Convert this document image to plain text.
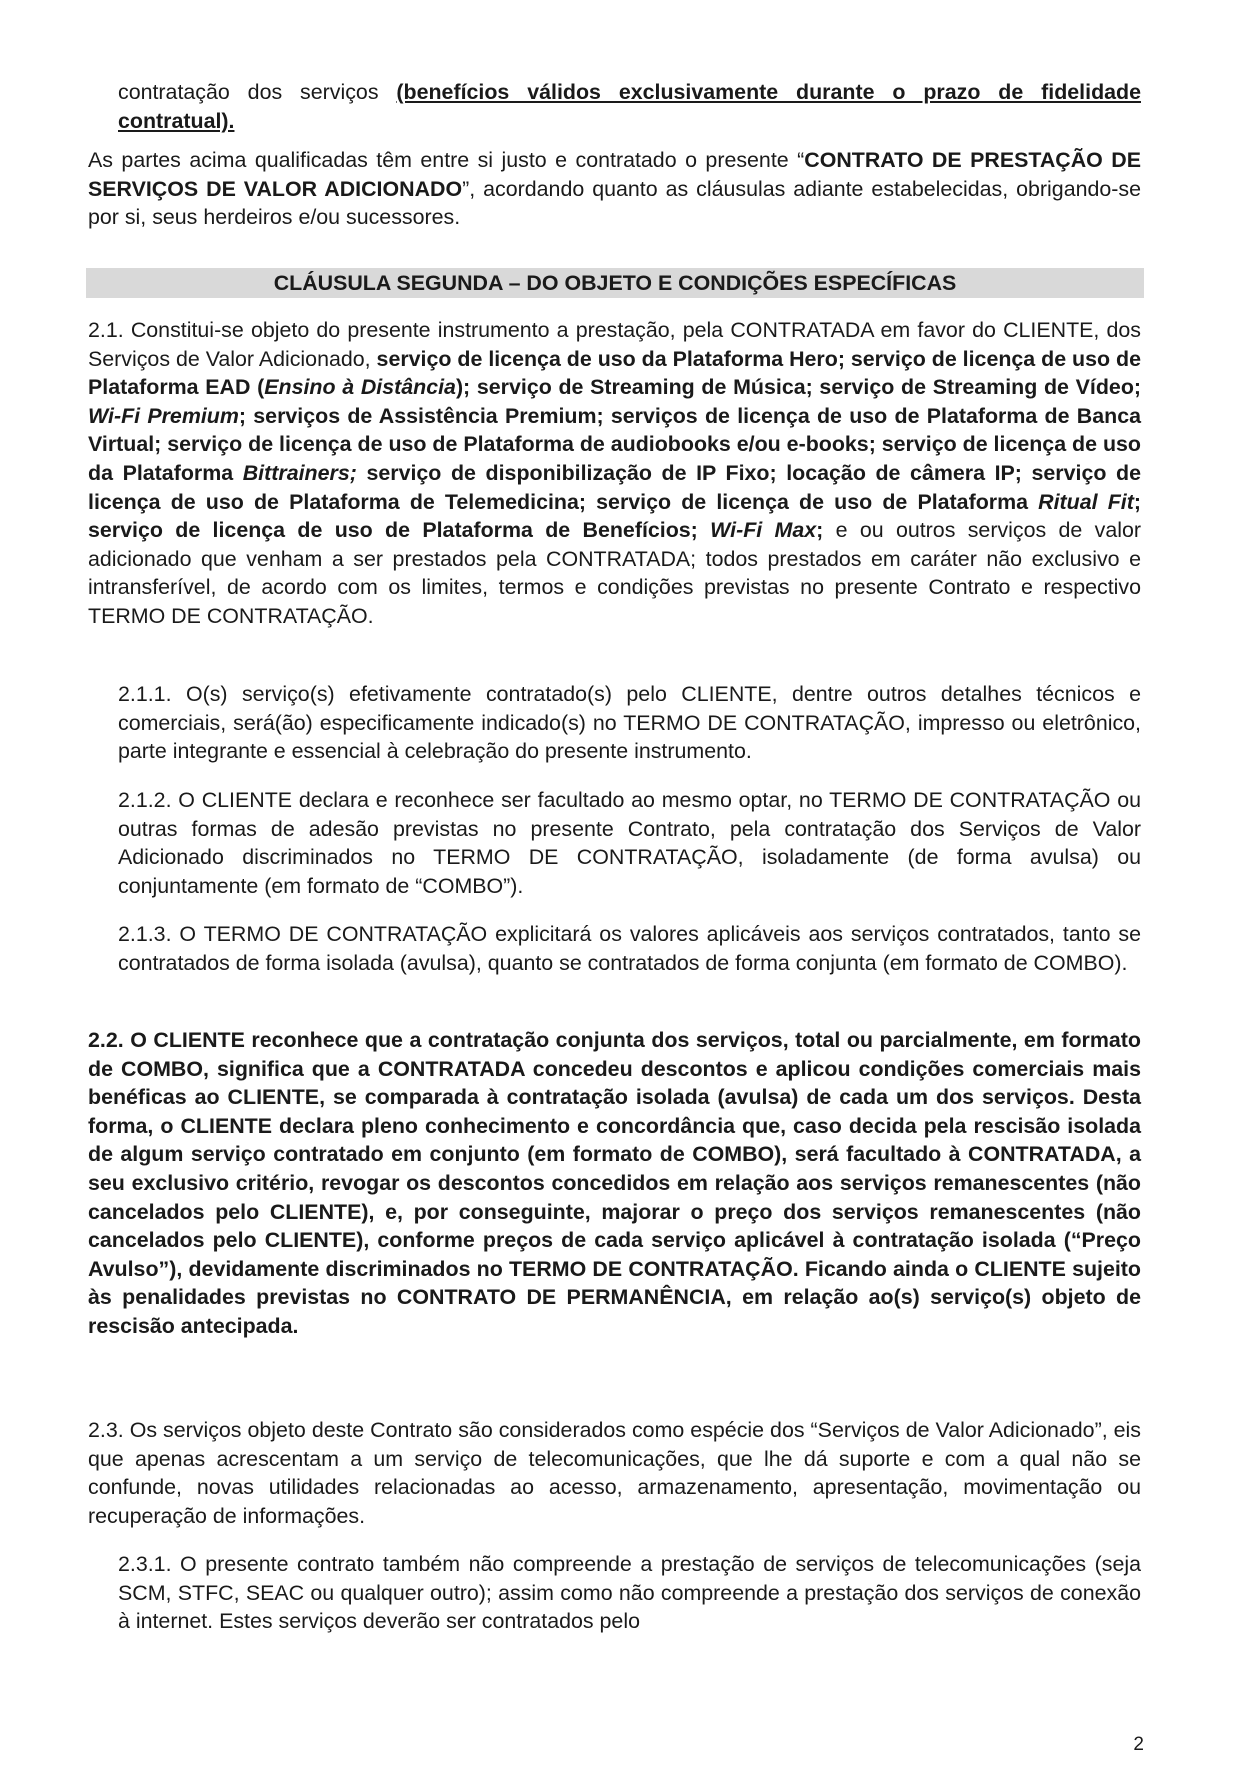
contratação dos serviços (benefícios válidos exclusivamente durante o prazo de fidelidade contratual).

As partes acima qualificadas têm entre si justo e contratado o presente “CONTRATO DE PRESTAÇÃO DE SERVIÇOS DE VALOR ADICIONADO”, acordando quanto as cláusulas adiante estabelecidas, obrigando-se por si, seus herdeiros e/ou sucessores.

CLÁUSULA SEGUNDA – DO OBJETO E CONDIÇÕES ESPECÍFICAS

2.1. Constitui-se objeto do presente instrumento a prestação, pela CONTRATADA em favor do CLIENTE, dos Serviços de Valor Adicionado, serviço de licença de uso da Plataforma Hero; serviço de licença de uso de Plataforma EAD (Ensino à Distância); serviço de Streaming de Música; serviço de Streaming de Vídeo; Wi-Fi Premium; serviços de Assistência Premium; serviços de licença de uso de Plataforma de Banca Virtual; serviço de licença de uso de Plataforma de audiobooks e/ou e-books; serviço de licença de uso da Plataforma Bittrainers; serviço de disponibilização de IP Fixo; locação de câmera IP; serviço de licença de uso de Plataforma de Telemedicina; serviço de licença de uso de Plataforma Ritual Fit; serviço de licença de uso de Plataforma de Benefícios; Wi-Fi Max; e ou outros serviços de valor adicionado que venham a ser prestados pela CONTRATADA; todos prestados em caráter não exclusivo e intransferível, de acordo com os limites, termos e condições previstas no presente Contrato e respectivo TERMO DE CONTRATAÇÃO.

2.1.1. O(s) serviço(s) efetivamente contratado(s) pelo CLIENTE, dentre outros detalhes técnicos e comerciais, será(ão) especificamente indicado(s) no TERMO DE CONTRATAÇÃO, impresso ou eletrônico, parte integrante e essencial à celebração do presente instrumento.

2.1.2. O CLIENTE declara e reconhece ser facultado ao mesmo optar, no TERMO DE CONTRATAÇÃO ou outras formas de adesão previstas no presente Contrato, pela contratação dos Serviços de Valor Adicionado discriminados no TERMO DE CONTRATAÇÃO, isoladamente (de forma avulsa) ou conjuntamente (em formato de “COMBO”).

2.1.3. O TERMO DE CONTRATAÇÃO explicitará os valores aplicáveis aos serviços contratados, tanto se contratados de forma isolada (avulsa), quanto se contratados de forma conjunta (em formato de COMBO).

2.2. O CLIENTE reconhece que a contratação conjunta dos serviços, total ou parcialmente, em formato de COMBO, significa que a CONTRATADA concedeu descontos e aplicou condições comerciais mais benéficas ao CLIENTE, se comparada à contratação isolada (avulsa) de cada um dos serviços. Desta forma, o CLIENTE declara pleno conhecimento e concordância que, caso decida pela rescisão isolada de algum serviço contratado em conjunto (em formato de COMBO), será facultado à CONTRATADA, a seu exclusivo critério, revogar os descontos concedidos em relação aos serviços remanescentes (não cancelados pelo CLIENTE), e, por conseguinte, majorar o preço dos serviços remanescentes (não cancelados pelo CLIENTE), conforme preços de cada serviço aplicável à contratação isolada (“Preço Avulso”), devidamente discriminados no TERMO DE CONTRATAÇÃO. Ficando ainda o CLIENTE sujeito às penalidades previstas no CONTRATO DE PERMANÊNCIA, em relação ao(s) serviço(s) objeto de rescisão antecipada.

2.3. Os serviços objeto deste Contrato são considerados como espécie dos “Serviços de Valor Adicionado”, eis que apenas acrescentam a um serviço de telecomunicações, que lhe dá suporte e com a qual não se confunde, novas utilidades relacionadas ao acesso, armazenamento, apresentação, movimentação ou recuperação de informações.

2.3.1. O presente contrato também não compreende a prestação de serviços de telecomunicações (seja SCM, STFC, SEAC ou qualquer outro); assim como não compreende a prestação dos serviços de conexão à internet. Estes serviços deverão ser contratados pelo

2
